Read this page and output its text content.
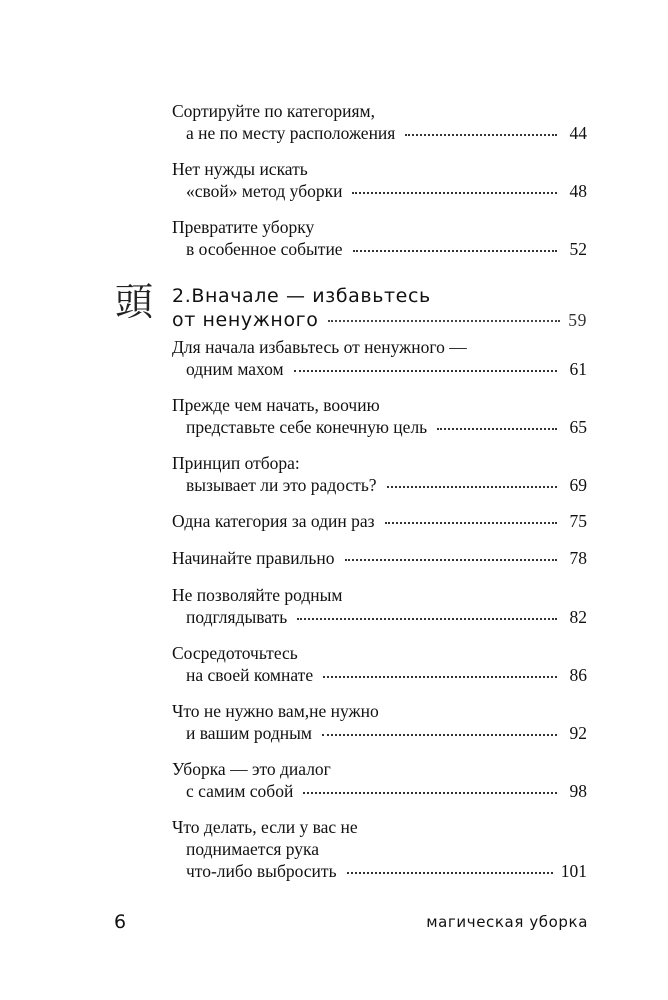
Сортируйте по категориям,
а не по месту расположения	44
Нет нужды искать
«свой» метод уборки	48
Превратите уборку
в особенное событие	52
頭 2.Вначале — избавьтесь
от ненужного	59
Для начала избавьтесь от ненужного —
одним махом	61
Прежде чем начать, воочию
представьте себе конечную цель	65
Принцип отбора:
вызывает ли это радость?	69
Одна категория за один раз	75
Начинайте правильно	78
Не позволяйте родным
подглядывать	82
Сосредоточьтесь
на своей комнате	86
Что не нужно вам,не нужно
и вашим родным	92
Уборка — это диалог
с самим собой	98
Что делать, если у вас не
поднимается рука
что-либо выбросить	101
6	магическая уборка
